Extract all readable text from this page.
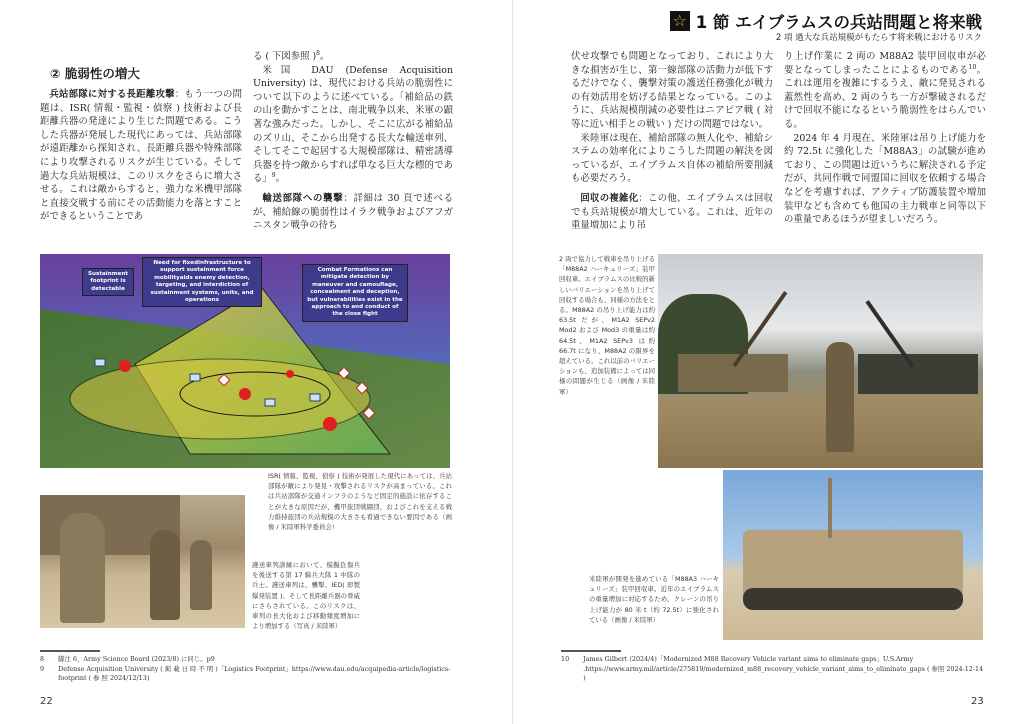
② 脆弱性の増大

兵站部隊に対する長距離攻撃：もう一つの問題は、ISR( 情報・監視・偵察 ) 技術および長距離兵器の発達により生じた問題である。こうした兵器が発展した現代にあっては、兵站部隊が遠距離から探知され、長距離兵器や特殊部隊により攻撃されるリスクが生じている。そして過大な兵站規模は、このリスクをさらに増大させる。これは敵からすると、強力な米機甲部隊と直接交戦する前にその活動能力を落とすことができるということであ

る ( 下図参照 )$^8$。

米国 DAU (Defense Acquisition University) は、現代における兵站の脆弱性について以下のように述べている。「補給品の鉄の山を動かすことは、南北戦争以来、米軍の顕著な強みだった。しかし、そこに広がる補給品のズリ山、そこから出発する長大な輸送車列、そしてそこで起居する大規模部隊は、精密誘導兵器を持つ敵からすれば単なる巨大な標的である」$^9$。

輸送部隊への襲撃：詳細は 30 頁で述べるが、補給線の脆弱性はイラク戦争およびアフガニスタン戦争の待ち

Sustainment footprint is detectable
Need for fixedinfrastructure to support sustainment force mobilityaids enemy detection, targeting, and interdiction of sustainment systems, units, and operations
Combat Formations can mitigate detection by maneuver and camouflage, concealment and deception, but vulnerabilities exist in the approach to and conduct of the close fight
ISR( 情報、監視、偵察 ) 技術が発展した現代にあっては、兵站部隊が敵により発見・攻撃されるリスクが高まっている。これは兵站部隊が交通インフラのようなど固定的施設に依存することが大きな原因だが、機甲旅団戦闘団、およびこれを支える戦力維持旅団の兵站規模の大きさも看過できない要因である（画像 / 米陸軍科学委員会）
護送車列訓練において、模擬負傷兵を後送する第 17 騎兵大隊 1 中隊の兵士。護送車列は、襲撃、IED( 即製爆発装置 )、そして長距離兵器の脅威にさらされている。このリスクは、車列の長大化および移動頻度増加により増加する（写真 / 米陸軍）
8 脚注 6、Army Science Board (2023/8) に同じ。p9
9 Defense Acquisition University ( 掲 載 日 時 不 明 )「Logistics Footprint」https://www.dau.edu/acquipedia-article/logistics-footprint ( 参 照 2024/12/13)
22
☆ 1 節 エイブラムスの兵站問題と将来戦
2 項 過大な兵站規模がもたらす将来戦におけるリスク

伏せ攻撃でも問題となっており、これにより大きな損害が生じ、第一線部隊の活動力が低下するだけでなく、襲撃対策の護送任務強化が戦力の有効活用を妨げる結果となっている。このように、兵站規模削減の必要性はニアピア戦 ( 対等に近い相手との戦い ) だけの問題ではない。

米陸軍は現在、補給部隊の無人化や、補給システムの効率化によりこうした問題の解決を図っているが、エイブラムス自体の補給所要削減も必要だろう。

回収の複雑化：この他、エイブラムスは回収でも兵站規模が増大している。これは、近年の重量増加により吊

り上げ作業に 2 両の M88A2 装甲回収車が必要となってしまったことによるものである$^{10}$。これは運用を複雑にするうえ、敵に発見される蓋然性を高め、2 両のうち一方が撃破されるだけで回収不能になるという脆弱性をはらんでいる。

2024 年 4 月現在、米陸軍は吊り上げ能力を約 72.5t に強化した「M88A3」の試験が進めており、この問題は近いうちに解決される予定だが、共同作戦で同盟国に回収を依頼する場合などを考慮すれば、アクティブ防護装置や増加装甲なども含めても他国の主力戦車と同等以下の重量であるほうが望ましいだろう。

2 両で協力して戦車を吊り上げる「M88A2 ハーキュリーズ」装甲回収車。エイブラムスの比較的新しいバリエーションを吊り上げて回収する場合も、同様の方法をとる。M88A2 の吊り上げ能力は約 63.5t だが、M1A2 SEPv2 Mod2 および Mod3 の重量は約 64.5t、M1A2 SEPv3 は約 66.7t になり、M88A2 の限界を超えている。これ以前のバリエーションも、追加装備によっては同様の問題が生じる（画像 / 米陸軍）
米陸軍が開発を進めている「M88A3 ハーキュリーズ」装甲回収車。近年のエイブラムスの重量増加に対応するため、クレーンの吊り上げ能力が 80 米 t（約 72.5t）に強化されている（画像 / 米陸軍）
10 James Gilbert (2024/4)「Modernized M88 Recovery Vehicle variant aims to eliminate gaps」U.S.Army .https://www.army.mil/article/275819/modernized_m88_recovery_vehicle_variant_aims_to_eliminate_gaps ( 参照 2024-12-14 )
23
